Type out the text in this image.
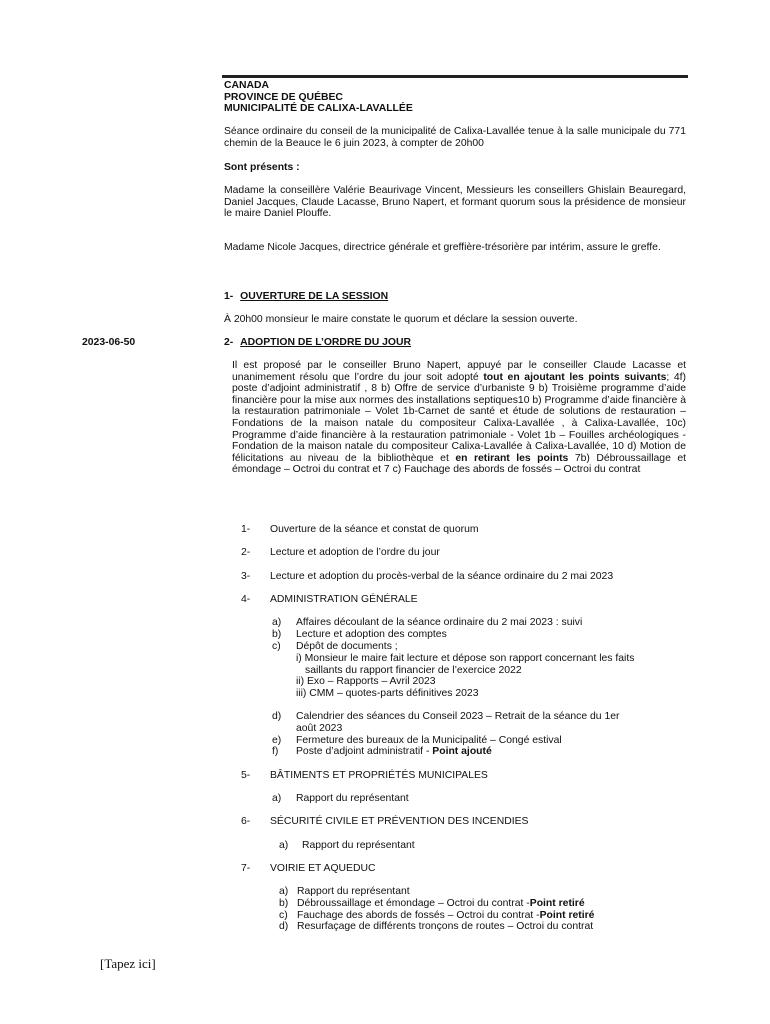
CANADA
PROVINCE DE QUÉBEC
MUNICIPALITÉ DE CALIXA-LAVALLÉE
Séance ordinaire du conseil de la municipalité de Calixa-Lavallée tenue à la salle municipale du 771 chemin de la Beauce le 6 juin 2023, à compter de 20h00
Sont présents :
Madame la conseillère Valérie Beaurivage Vincent, Messieurs les conseillers Ghislain Beauregard, Daniel Jacques, Claude Lacasse, Bruno Napert, et formant quorum sous la présidence de monsieur le maire Daniel Plouffe.
Madame Nicole Jacques, directrice générale et greffière-trésorière par intérim, assure le greffe.
1- OUVERTURE DE LA SESSION
À 20h00 monsieur le maire constate le quorum et déclare la session ouverte.
2023-06-50	2- ADOPTION DE L’ORDRE DU JOUR
Il est proposé par le conseiller Bruno Napert, appuyé par le conseiller Claude Lacasse et unanimement résolu que l’ordre du jour soit adopté tout en ajoutant les points suivants; 4f) poste d’adjoint administratif , 8 b) Offre de service d’urbaniste 9 b) Troisième programme d’aide financière pour la mise aux normes des installations septiques10 b) Programme d’aide financière à la restauration patrimoniale – Volet 1b-Carnet de santé et étude de solutions de restauration – Fondations de la maison natale du compositeur Calixa-Lavallée , à Calixa-Lavallée, 10c) Programme d’aide financière à la restauration patrimoniale - Volet 1b – Fouilles archéologiques - Fondation de la maison natale du compositeur Calixa-Lavallée à Calixa-Lavallée, 10 d) Motion de félicitations au niveau de la bibliothèque et en retirant les points 7b) Débroussaillage et émondage – Octroi du contrat et 7 c) Fauchage des abords de fossés – Octroi du contrat
1- Ouverture de la séance et constat de quorum
2- Lecture et adoption de l’ordre du jour
3- Lecture et adoption du procès-verbal de la séance ordinaire du 2 mai 2023
4- ADMINISTRATION GÉNÉRALE
a) Affaires découlant de la séance ordinaire du 2 mai 2023 : suivi
b) Lecture et adoption des comptes
c) Dépôt de documents ;
i) Monsieur le maire fait lecture et dépose son rapport concernant les faits
saillants du rapport financier de l’exercice 2022
ii) Exo – Rapports – Avril 2023
iii) CMM – quotes-parts définitives 2023
d) Calendrier des séances du Conseil 2023 – Retrait de la séance du 1er
août 2023
e) Fermeture des bureaux de la Municipalité – Congé estival
f) Poste d’adjoint administratif - Point ajouté
5- BÂTIMENTS ET PROPRIÉTÉS MUNICIPALES
a) Rapport du représentant
6- SÉCURITÉ CIVILE ET PRÉVENTION DES INCENDIES
a) Rapport du représentant
7- VOIRIE ET AQUEDUC
a) Rapport du représentant
b) Débroussaillage et émondage – Octroi du contrat -Point retiré
c) Fauchage des abords de fossés – Octroi du contrat -Point retiré
d) Resurfaçage de différents tronçons de routes – Octroi du contrat
[Tapez ici]
